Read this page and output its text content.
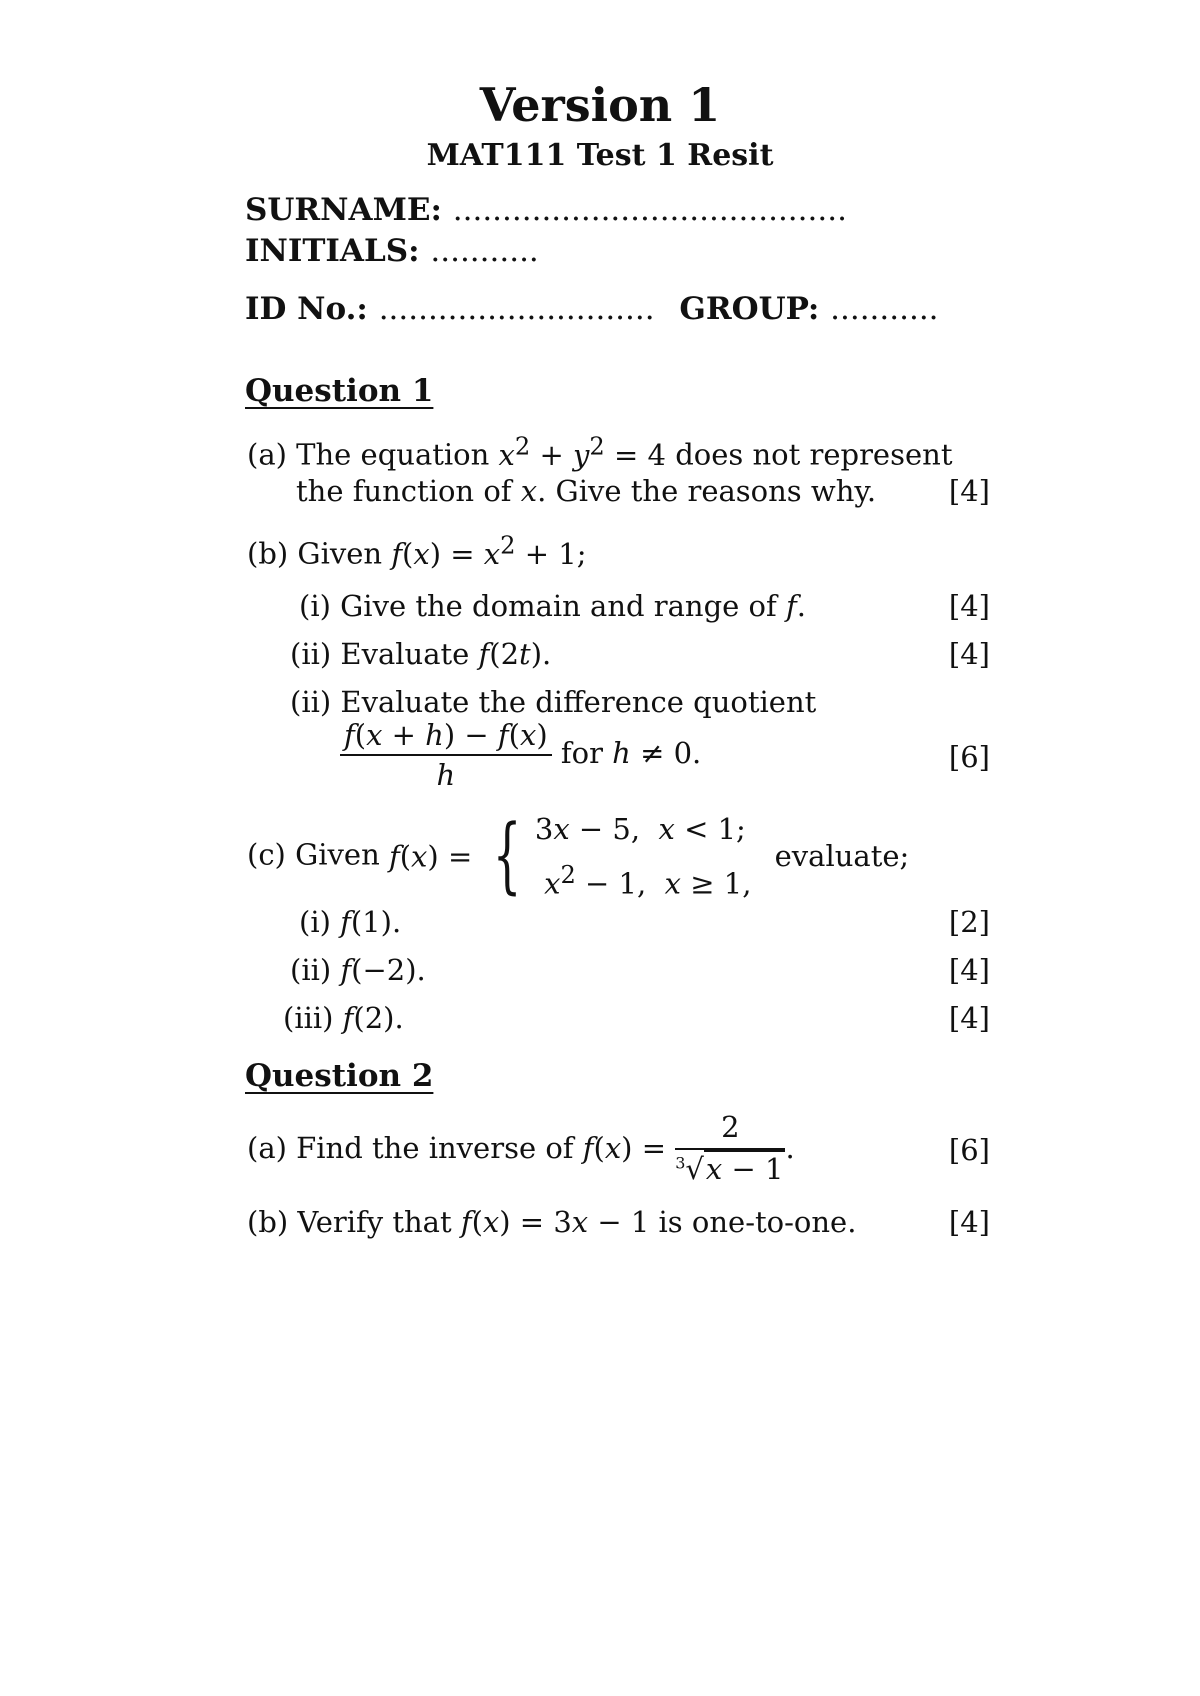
Version 1
MAT111 Test 1 Resit
SURNAME: ........................................
INITIALS: ...........
ID No.: ............................ GROUP: ...........
Question 1
(a) The equation $x^2 + y^2 = 4$ does not represent
the function of x. Give the reasons why.	[4]
(b) Given $f(x) = x^2 + 1$;
(i) Give the domain and range of f.	[4]
(ii) Evaluate f(2t).	[4]
(ii) Evaluate the difference quotient
$\frac{f(x + h) - f(x)}{h}$ for h ≠ 0.	[6]
(c) Given f(x) = { 3x − 5,  x < 1;
$x^2 - 1$,  x ≥ 1,
evaluate;
(i) f(1).	[2]
(ii) f(−2).	[4]
(iii) f(2).	[4]
Question 2
(a) Find the inverse of $f(x) = \frac{2}{^3√x - 1}$ .	[6]
(b) Verify that f(x) = 3x − 1 is one-to-one.	[4]
